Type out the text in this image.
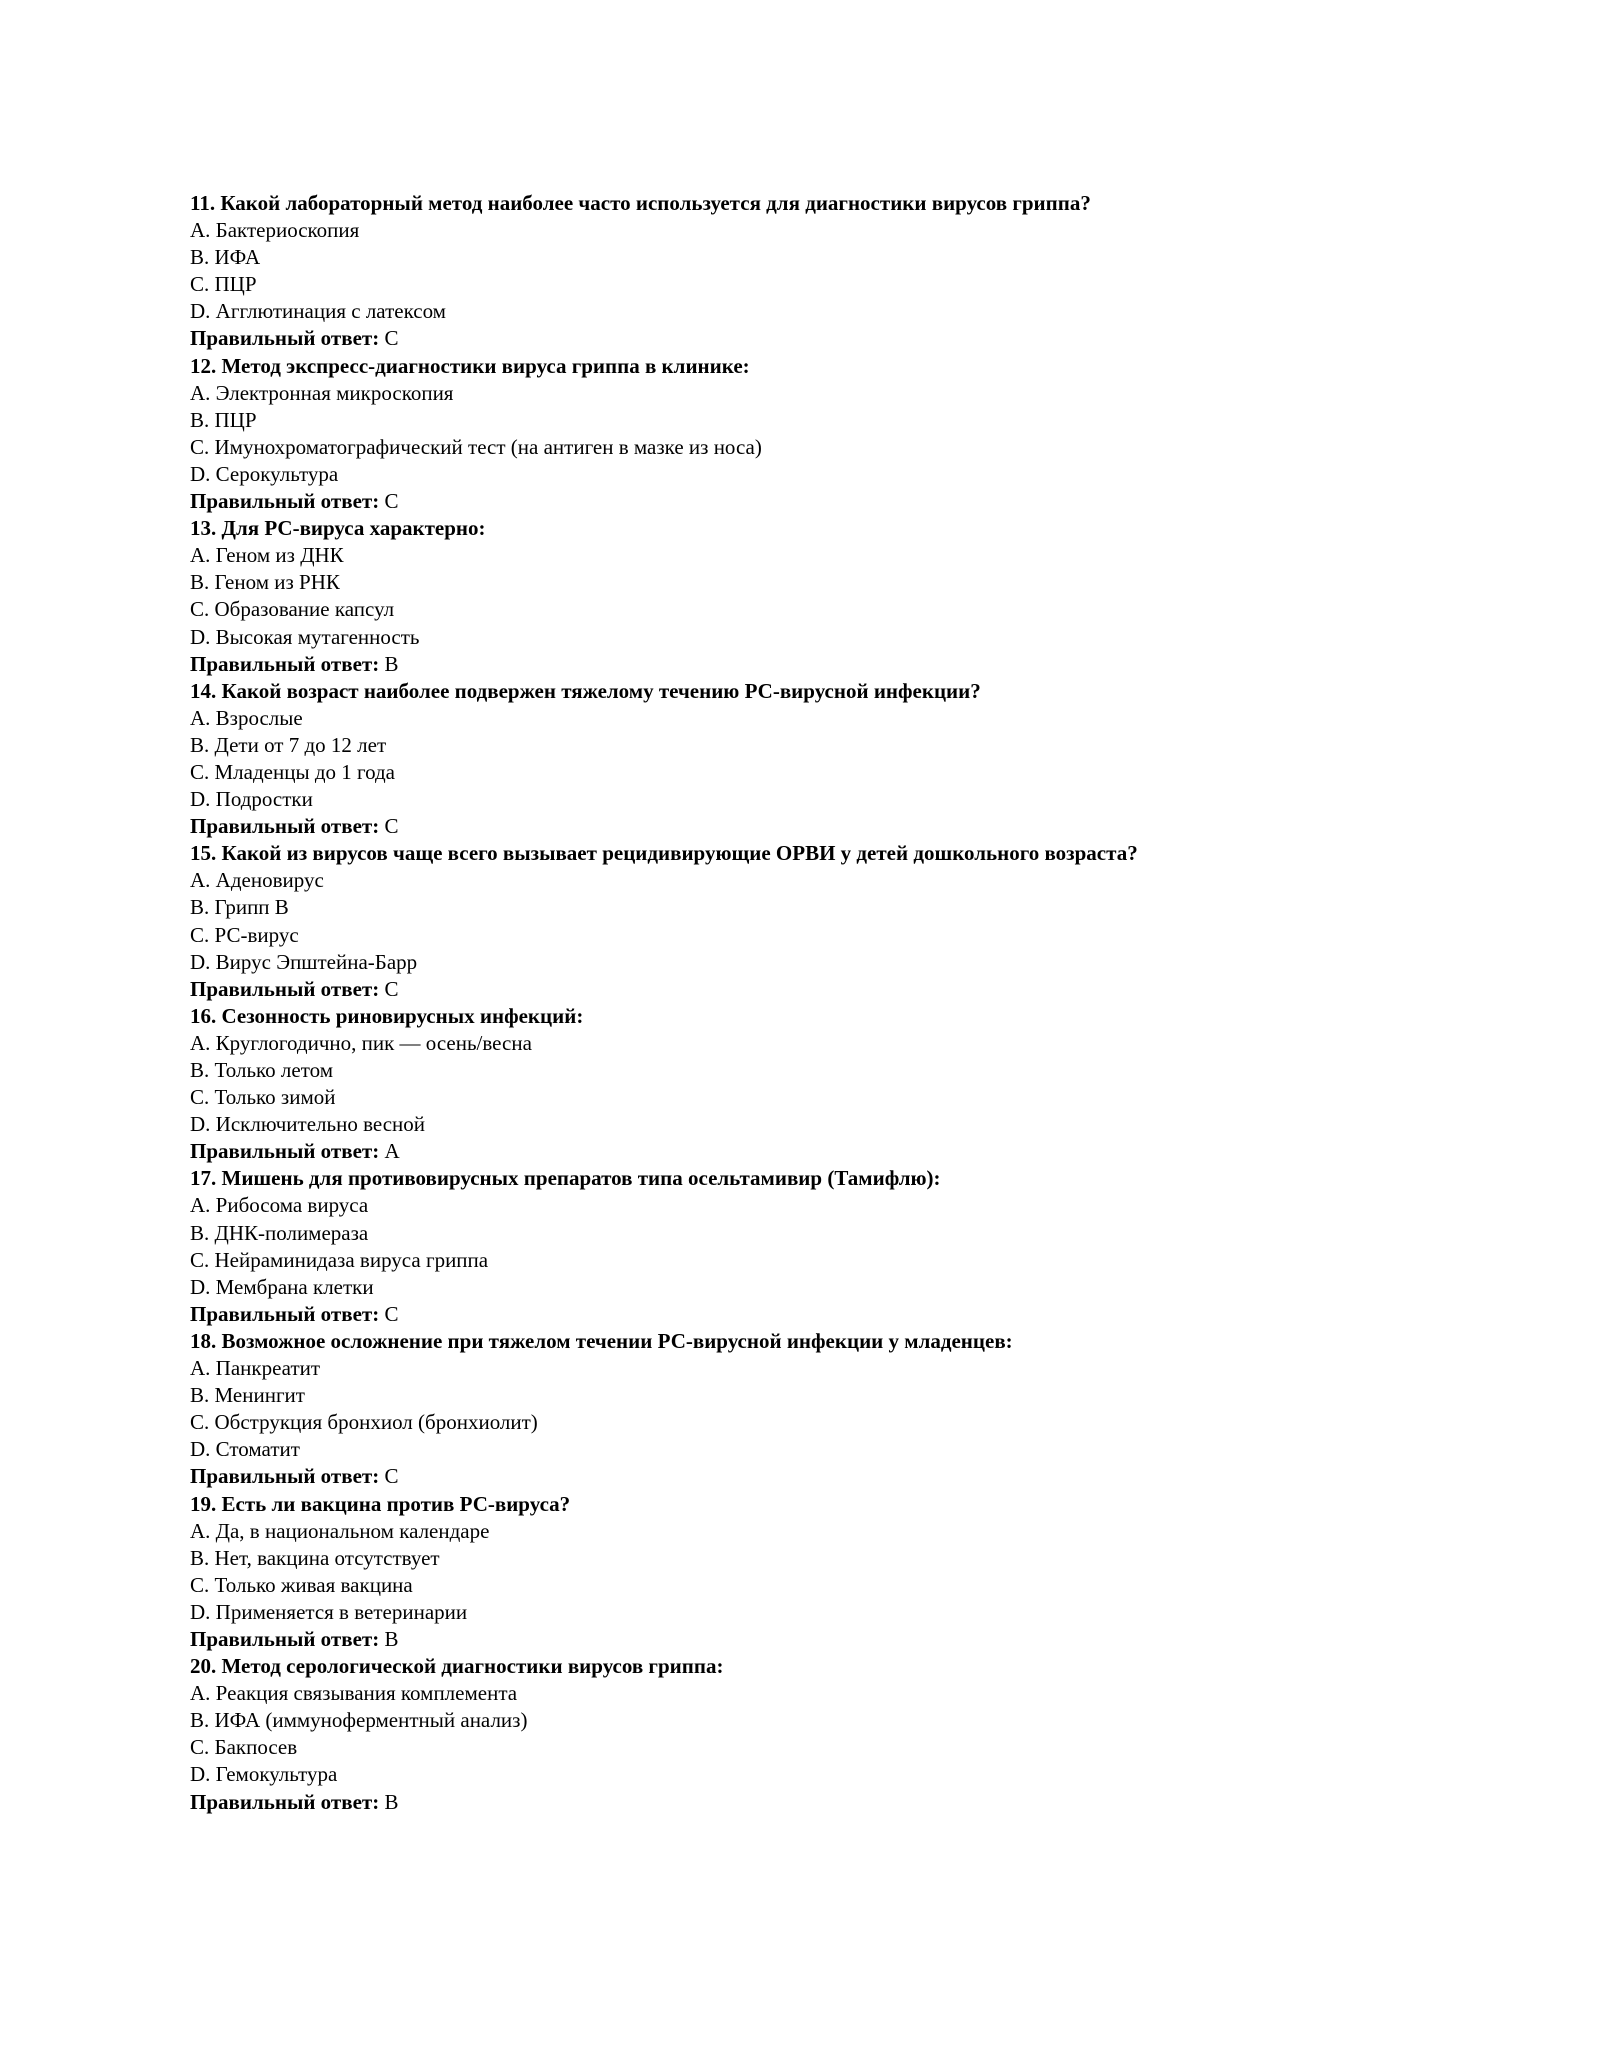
11. Какой лабораторный метод наиболее часто используется для диагностики вирусов гриппа?

A. Бактериоскопия

B. ИФА

C. ПЦР

D. Агглютинация с латексом

Правильный ответ: C

12. Метод экспресс-диагностики вируса гриппа в клинике:

A. Электронная микроскопия

B. ПЦР

C. Имунохроматографический тест (на антиген в мазке из носа)

D. Серокультура

Правильный ответ: C

13. Для РС-вируса характерно:

A. Геном из ДНК

B. Геном из РНК

C. Образование капсул

D. Высокая мутагенность

Правильный ответ: B

14. Какой возраст наиболее подвержен тяжелому течению РС-вирусной инфекции?

A. Взрослые

B. Дети от 7 до 12 лет

C. Младенцы до 1 года

D. Подростки

Правильный ответ: C

15. Какой из вирусов чаще всего вызывает рецидивирующие ОРВИ у детей дошкольного возраста?

A. Аденовирус

B. Грипп B

C. РС-вирус

D. Вирус Эпштейна-Барр

Правильный ответ: C

16. Сезонность риновирусных инфекций:

A. Круглогодично, пик — осень/весна

B. Только летом

C. Только зимой

D. Исключительно весной

Правильный ответ: A

17. Мишень для противовирусных препаратов типа осельтамивир (Тамифлю):

A. Рибосома вируса

B. ДНК-полимераза

C. Нейраминидаза вируса гриппа

D. Мембрана клетки

Правильный ответ: C

18. Возможное осложнение при тяжелом течении РС-вирусной инфекции у младенцев:

A. Панкреатит

B. Менингит

C. Обструкция бронхиол (бронхиолит)

D. Стоматит

Правильный ответ: C

19. Есть ли вакцина против РС-вируса?

A. Да, в национальном календаре

B. Нет, вакцина отсутствует

C. Только живая вакцина

D. Применяется в ветеринарии

Правильный ответ: B

20. Метод серологической диагностики вирусов гриппа:

A. Реакция связывания комплемента

B. ИФА (иммуноферментный анализ)

C. Бакпосев

D. Гемокультура

Правильный ответ: B
